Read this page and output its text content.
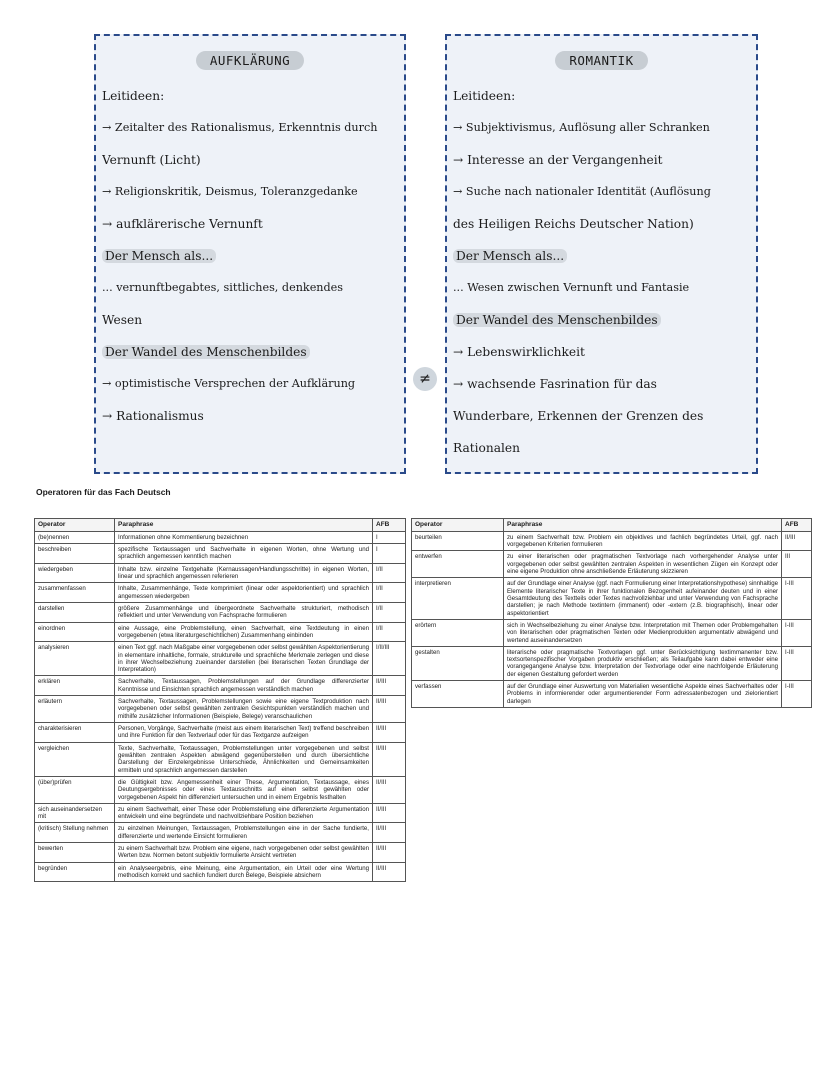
AUFKLÄRUNG
Leitideen:
→ Zeitalter des Rationalismus, Erkenntnis durch
Vernunft (Licht)
→ Religionskritik, Deismus, Toleranzgedanke
→ aufklärerische Vernunft
Der Mensch als...
... vernunftbegabtes, sittliches, denkendes
Wesen
Der Wandel des Menschenbildes
→ optimistische Versprechen der Aufklärung
→ Rationalismus
≠
ROMANTIK
Leitideen:
→ Subjektivismus, Auflösung aller Schranken
→ Interesse an der Vergangenheit
→ Suche nach nationaler Identität (Auflösung
des Heiligen Reichs Deutscher Nation)
Der Mensch als...
... Wesen zwischen Vernunft und Fantasie
Der Wandel des Menschenbildes
→ Lebenswirklichkeit
→ wachsende Fasrination für das
Wunderbare, Erkennen der Grenzen des
Rationalen
Operatoren für das Fach Deutsch
Operator	Paraphrase	AFB
(be)nennen	Informationen ohne Kommentierung bezeichnen	I
beschreiben	spezifische Textaussagen und Sachverhalte in eigenen Worten, ohne Wertung und sprachlich angemessen kenntlich machen	I
wiedergeben	Inhalte bzw. einzelne Textgehalte (Kernaussagen/Handlungsschritte) in eigenen Worten, linear und sprachlich angemessen referieren	I/II
zusammenfassen	Inhalte, Zusammenhänge, Texte komprimiert (linear oder aspektorientiert) und sprachlich angemessen wiedergeben	I/II
darstellen	größere Zusammenhänge und übergeordnete Sachverhalte strukturiert, methodisch reflektiert und unter Verwendung von Fachsprache formulieren	I/II
einordnen	eine Aussage, eine Problemstellung, einen Sachverhalt, eine Textdeutung in einen vorgegebenen (etwa literaturgeschichtlichen) Zusammenhang einbinden	I/II
analysieren	einen Text ggf. nach Maßgabe einer vorgegebenen oder selbst gewählten Aspektorientierung in elementare inhaltliche, formale, strukturelle und sprachliche Merkmale zerlegen und diese in ihrer Wechselbeziehung zueinander darstellen (bei literarischen Texten Grundlage der Interpretation)	I/II/III
erklären	Sachverhalte, Textaussagen, Problemstellungen auf der Grundlage differenzierter Kenntnisse und Einsichten sprachlich angemessen verständlich machen	II/III
erläutern	Sachverhalte, Textaussagen, Problemstellungen sowie eine eigene Textproduktion nach vorgegebenen oder selbst gewählten zentralen Gesichtspunkten verständlich machen und mithilfe zusätzlicher Informationen (Beispiele, Belege) veranschaulichen	II/III
charakterisieren	Personen, Vorgänge, Sachverhalte (meist aus einem literarischen Text) treffend beschreiben und ihre Funktion für den Textverlauf oder für das Textganze aufzeigen	II/III
vergleichen	Texte, Sachverhalte, Textaussagen, Problemstellungen unter vorgegebenen und selbst gewählten zentralen Aspekten abwägend gegenüberstellen und durch übersichtliche Darstellung der Einzelergebnisse Unterschiede, Ähnlichkeiten und Gemeinsamkeiten ermitteln und sprachlich angemessen darstellen	II/III
(über)prüfen	die Gültigkeit bzw. Angemessenheit einer These, Argumentation, Textaussage, eines Deutungsergebnisses oder eines Textausschnitts auf einen selbst gewählten oder vorgegebenen Aspekt hin differenziert untersuchen und in einem Ergebnis festhalten	II/III
sich auseinandersetzen mit	zu einem Sachverhalt, einer These oder Problemstellung eine differenzierte Argumentation entwickeln und eine begründete und nachvollziehbare Position beziehen	II/III
(kritisch) Stellung nehmen	zu einzelnen Meinungen, Textaussagen, Problemstellungen eine in der Sache fundierte, differenzierte und wertende Einsicht formulieren	II/III
bewerten	zu einem Sachverhalt bzw. Problem eine eigene, nach vorgegebenen oder selbst gewählten Werten bzw. Normen betont subjektiv formulierte Ansicht vertreten	II/III
begründen	ein Analyseergebnis, eine Meinung, eine Argumentation, ein Urteil oder eine Wertung methodisch korrekt und sachlich fundiert durch Belege, Beispiele absichern	II/III
Operator	Paraphrase	AFB
beurteilen	zu einem Sachverhalt bzw. Problem ein objektives und fachlich begründetes Urteil, ggf. nach vorgegebenen Kriterien formulieren	II/III
entwerfen	zu einer literarischen oder pragmatischen Textvorlage nach vorhergehender Analyse unter vorgegebenen oder selbst gewählten zentralen Aspekten in wesentlichen Zügen ein Konzept oder eine eigene Produktion ohne anschließende Erläuterung skizzieren	III
interpretieren	auf der Grundlage einer Analyse (ggf. nach Formulierung einer Interpretationshypothese) sinnhaltige Elemente literarischer Texte in ihrer funktionalen Bezogenheit aufeinander deuten und in einer Gesamtdeutung des Textteils oder Textes nachvollziehbar und unter Verwendung von Fachsprache darstellen; je nach Methode textintern (immanent) oder -extern (z.B. biographisch), linear oder aspektorientiert	I-III
erörtern	sich in Wechselbeziehung zu einer Analyse bzw. Interpretation mit Themen oder Problemgehalten von literarischen oder pragmatischen Texten oder Medienprodukten argumentativ abwägend und wertend auseinandersetzen	I-III
gestalten	literarische oder pragmatische Textvorlagen ggf. unter Berücksichtigung textimmanenter bzw. textsortenspezifischer Vorgaben produktiv erschließen; als Teilaufgabe kann dabei entweder eine vorangegangene Analyse bzw. Interpretation der Textvorlage oder eine nachfolgende Erläuterung der eigenen Gestaltung gefordert werden	I-III
verfassen	auf der Grundlage einer Auswertung von Materialien wesentliche Aspekte eines Sachverhaltes oder Problems in informierender oder argumentierender Form adressatenbezogen und zielorientiert darlegen	I-III
